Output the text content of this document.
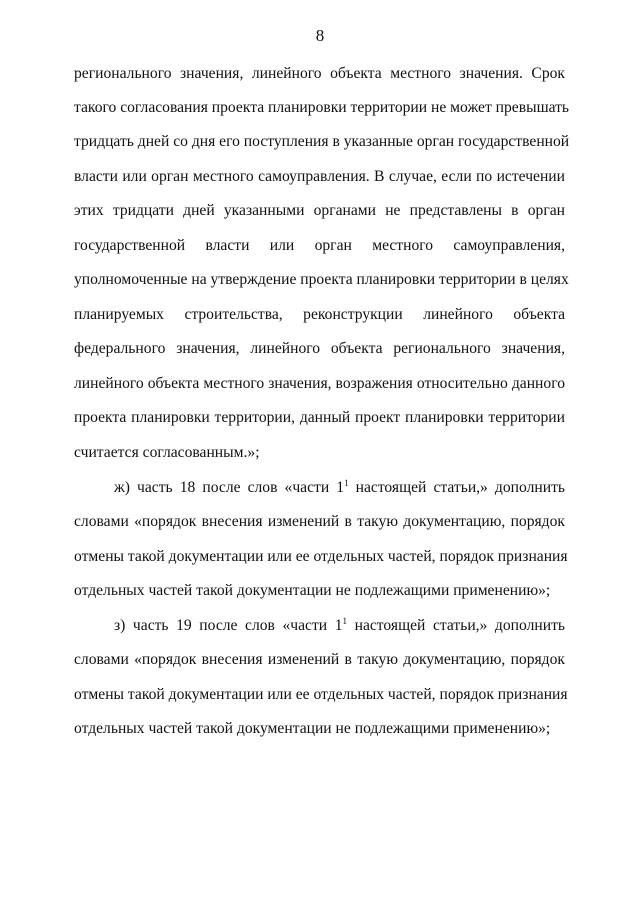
8
регионального значения, линейного объекта местного значения. Срок
такого согласования проекта планировки территории не может превышать
тридцать дней со дня его поступления в указанные орган государственной
власти или орган местного самоуправления. В случае, если по истечении
этих тридцати дней указанными органами не представлены в орган
государственной власти или орган местного самоуправления,
уполномоченные на утверждение проекта планировки территории в целях
планируемых строительства, реконструкции линейного объекта
федерального значения, линейного объекта регионального значения,
линейного объекта местного значения, возражения относительно данного
проекта планировки территории, данный проект планировки территории
считается согласованным.»;
ж) часть 18 после слов «части $1^1$ настоящей статьи,» дополнить
словами «порядок внесения изменений в такую документацию, порядок
отмены такой документации или ее отдельных частей, порядок признания
отдельных частей такой документации не подлежащими применению»;
з) часть 19 после слов «части $1^1$ настоящей статьи,» дополнить
словами «порядок внесения изменений в такую документацию, порядок
отмены такой документации или ее отдельных частей, порядок признания
отдельных частей такой документации не подлежащими применению»;
